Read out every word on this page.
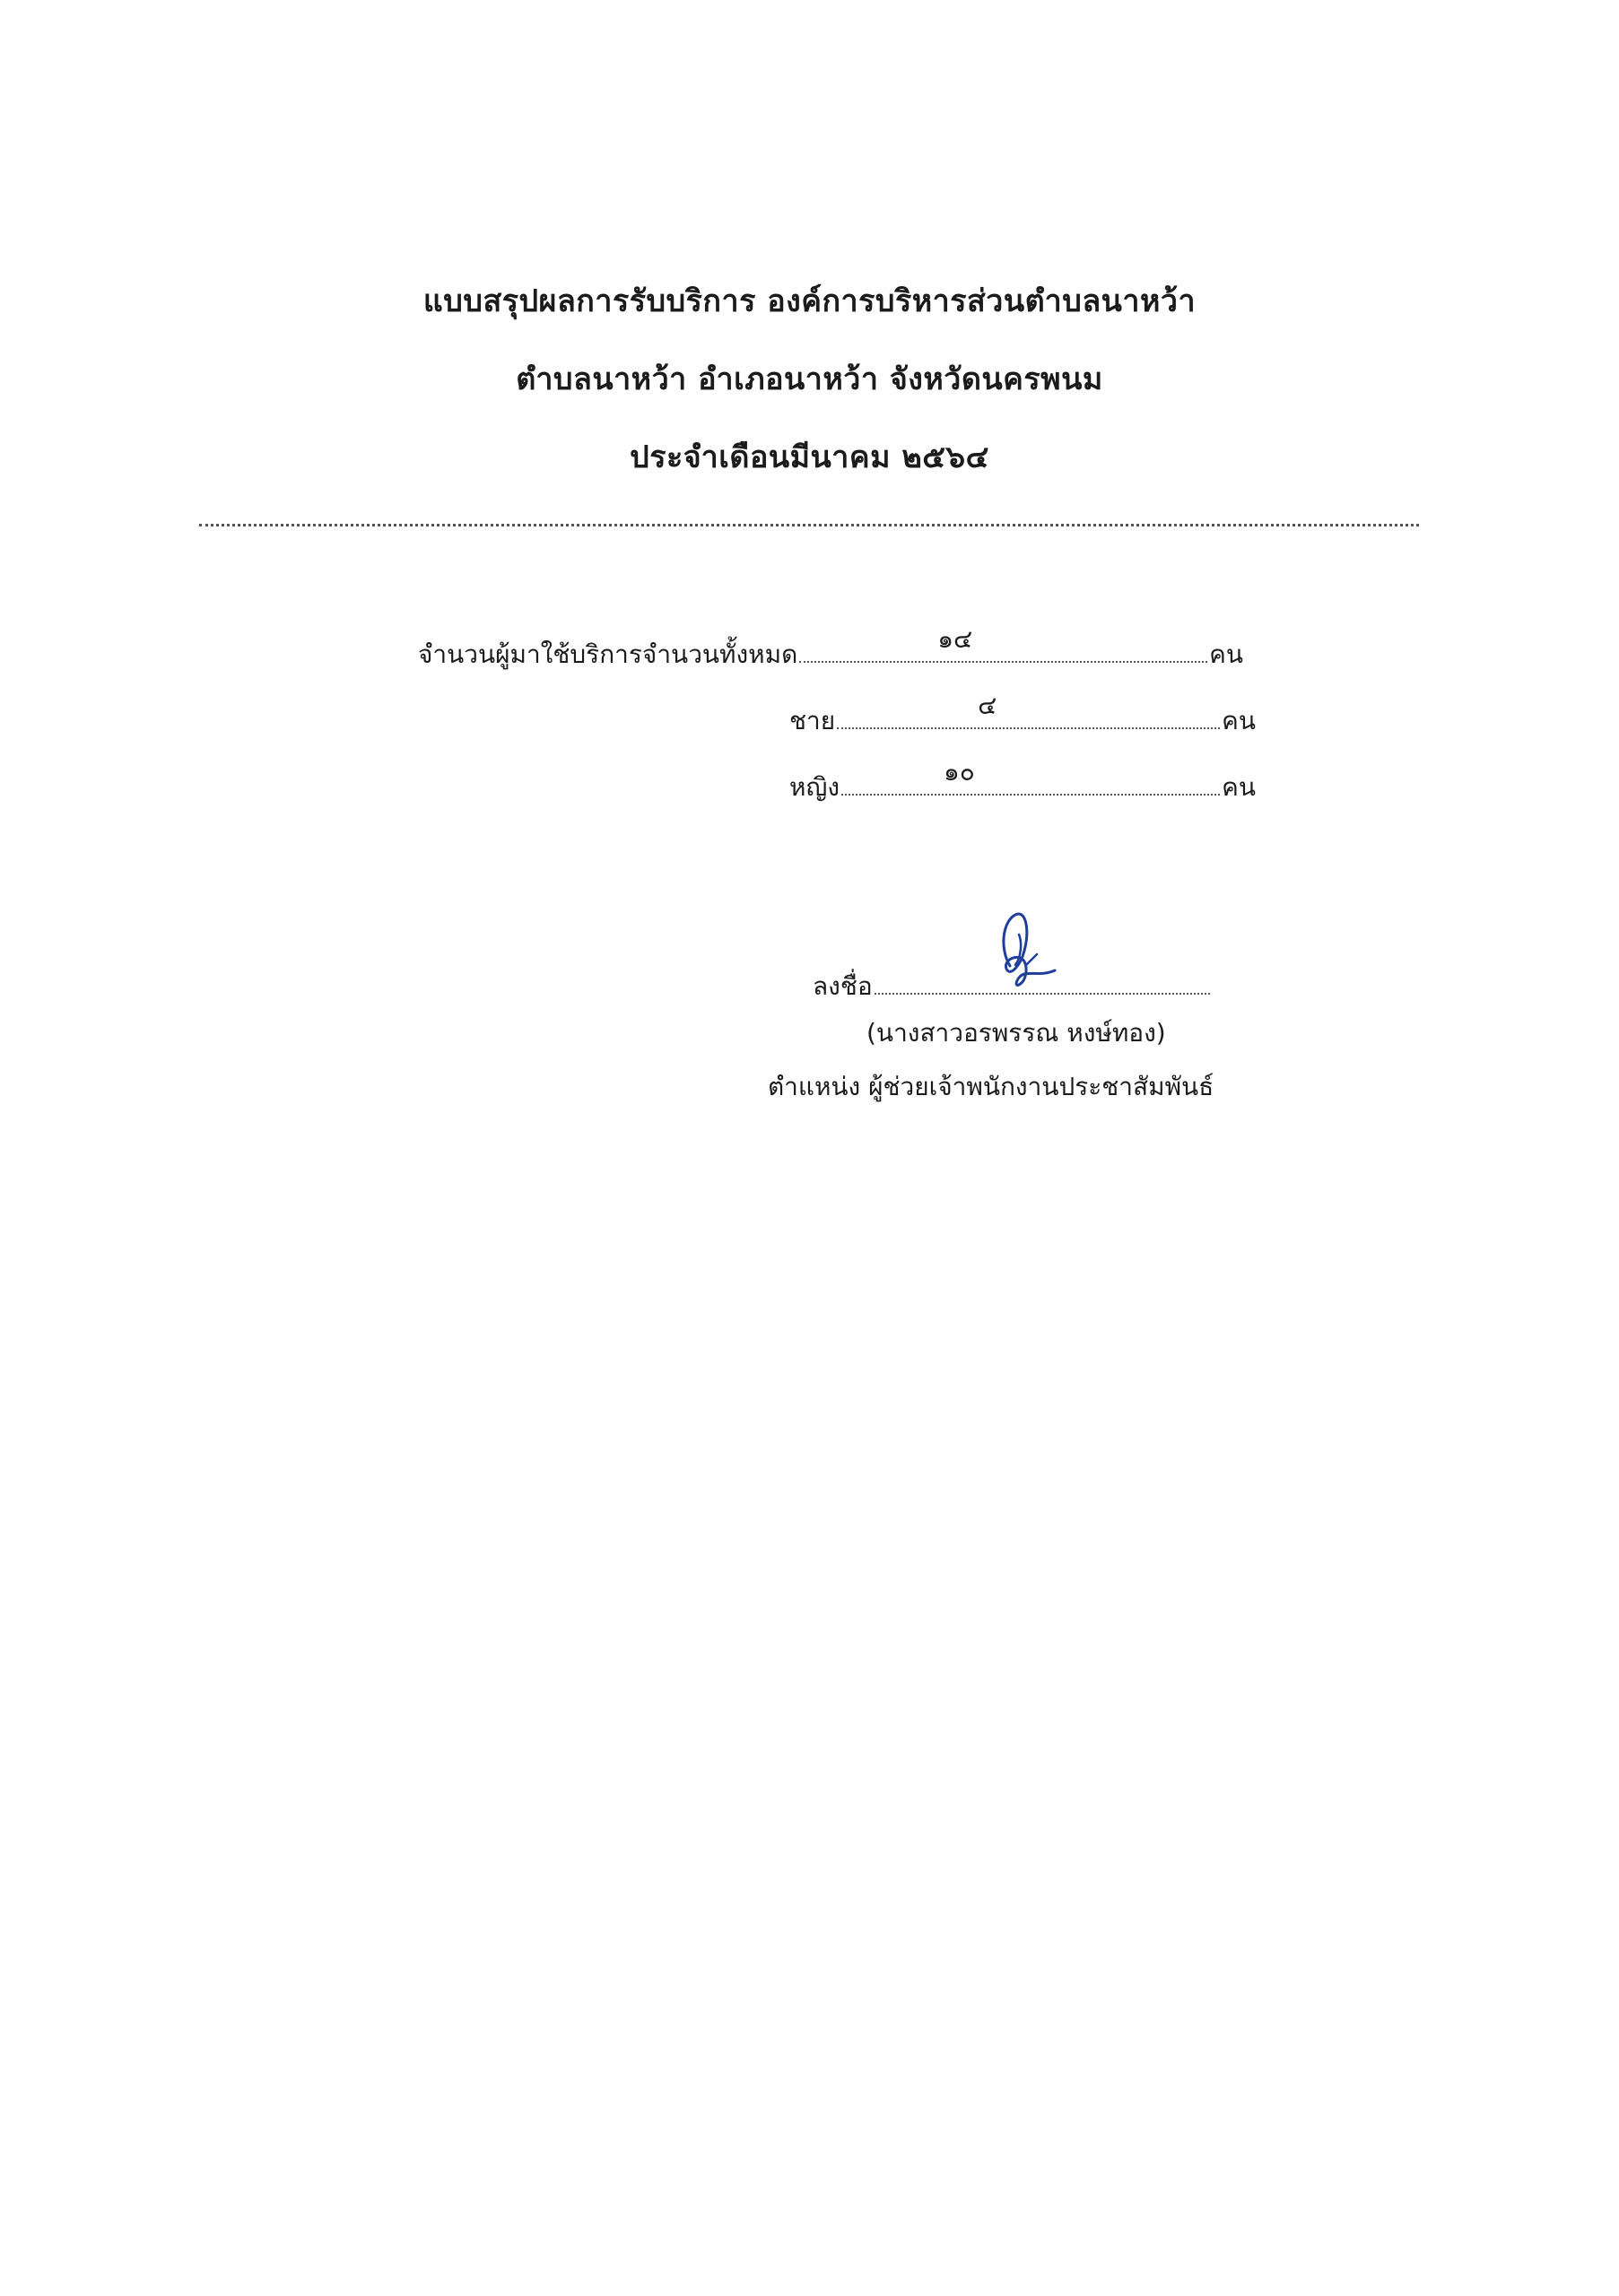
แบบสรุปผลการรับบริการ องค์การบริหารส่วนตำบลนาหว้า
ตำบลนาหว้า อำเภอนาหว้า จังหวัดนครพนม
ประจำเดือนมีนาคม ๒๕๖๔
จำนวนผู้มาใช้บริการจำนวนทั้งหมด
๑๔
คน
ชาย
๔
คน
หญิง
๑๐
คน
ลงชื่อ
(นางสาวอรพรรณ หงษ์ทอง)
ตำแหน่ง ผู้ช่วยเจ้าพนักงานประชาสัมพันธ์
